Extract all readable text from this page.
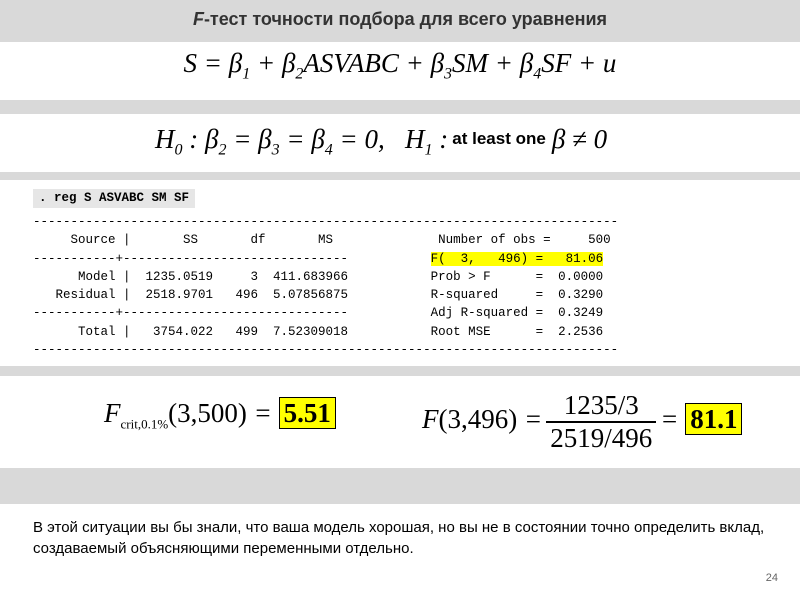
F-тест точности подбора для всего уравнения
$S = \beta_1$ + $\beta_2ASVABC + \beta_3SM + \beta_4SF + u$
$H_0$ : $\beta_2 = \beta_3 = \beta_4 = 0$,   $H_1$ : at least one β ≠ 0
. reg S ASVABC SM SF
------------------------------------------------------------------------------
Source |       SS       df       MS              Number of obs =     500
-----------+------------------------------	F(  3,   496) =   81.06
Model |  1235.0519     3  411.683966           Prob > F      =  0.0000
Residual |  2518.9701   496  5.07856875           R-squared     =  0.3290
-----------+------------------------------           Adj R-squared =  0.3249
Total |   3754.022   499  7.52309018           Root MSE      =  2.2536
------------------------------------------------------------------------------
$F_{crit,0.1\%}(3,500) = 5.51$	$F(3,496) = \frac{1235/3}{2519/496} = 81.1$
В этой ситуации вы бы знали, что ваша модель хорошая, но вы не в состоянии точно определить вклад, создаваемый объясняющими переменными отдельно.
24
